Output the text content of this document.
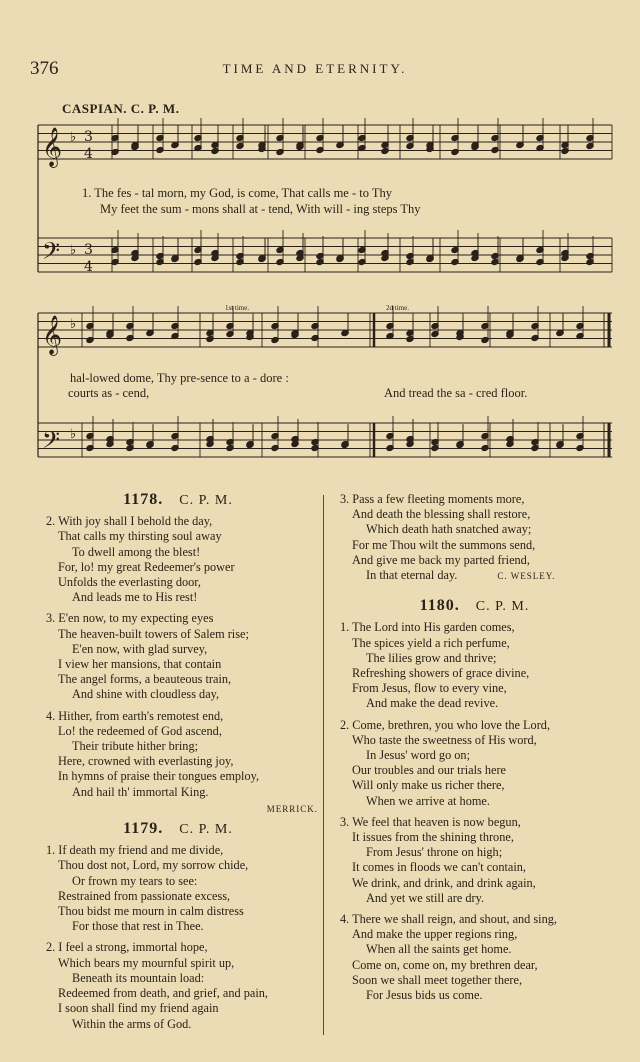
376	TIME AND ETERNITY.
CASPIAN. C. P. M.
𝄞
𝄢
𝄞
𝄢
♭
♭
♭
♭
3
4
3
4
1. The fes - tal morn, my God, is come, That calls me - to Thy
My feet the sum - mons shall at - tend, With will - ing steps Thy
1st time.	2d time.
hal-lowed dome, Thy pre-sence to a - dore :
courts as - cend,	And tread the sa - cred floor.
1178. C. P. M.
2. With joy shall I behold the day,
That calls my thirsting soul away
To dwell among the blest!
For, lo! my great Redeemer's power
Unfolds the everlasting door,
And leads me to His rest!
3. E'en now, to my expecting eyes
The heaven-built towers of Salem rise;
E'en now, with glad survey,
I view her mansions, that contain
The angel forms, a beauteous train,
And shine with cloudless day,
4. Hither, from earth's remotest end,
Lo! the redeemed of God ascend,
Their tribute hither bring;
Here, crowned with everlasting joy,
In hymns of praise their tongues employ,
And hail th' immortal King.
MERRICK.
1179. C. P. M.
1. If death my friend and me divide,
Thou dost not, Lord, my sorrow chide,
Or frown my tears to see:
Restrained from passionate excess,
Thou bidst me mourn in calm distress
For those that rest in Thee.
2. I feel a strong, immortal hope,
Which bears my mournful spirit up,
Beneath its mountain load:
Redeemed from death, and grief, and pain,
I soon shall find my friend again
Within the arms of God.
3. Pass a few fleeting moments more,
And death the blessing shall restore,
Which death hath snatched away;
For me Thou wilt the summons send,
And give me back my parted friend,
In that eternal day.	C. WESLEY.
1180. C. P. M.
1. The Lord into His garden comes,
The spices yield a rich perfume,
The lilies grow and thrive;
Refreshing showers of grace divine,
From Jesus, flow to every vine,
And make the dead revive.
2. Come, brethren, you who love the Lord,
Who taste the sweetness of His word,
In Jesus' word go on;
Our troubles and our trials here
Will only make us richer there,
When we arrive at home.
3. We feel that heaven is now begun,
It issues from the shining throne,
From Jesus' throne on high;
It comes in floods we can't contain,
We drink, and drink, and drink again,
And yet we still are dry.
4. There we shall reign, and shout, and sing,
And make the upper regions ring,
When all the saints get home.
Come on, come on, my brethren dear,
Soon we shall meet together there,
For Jesus bids us come.
